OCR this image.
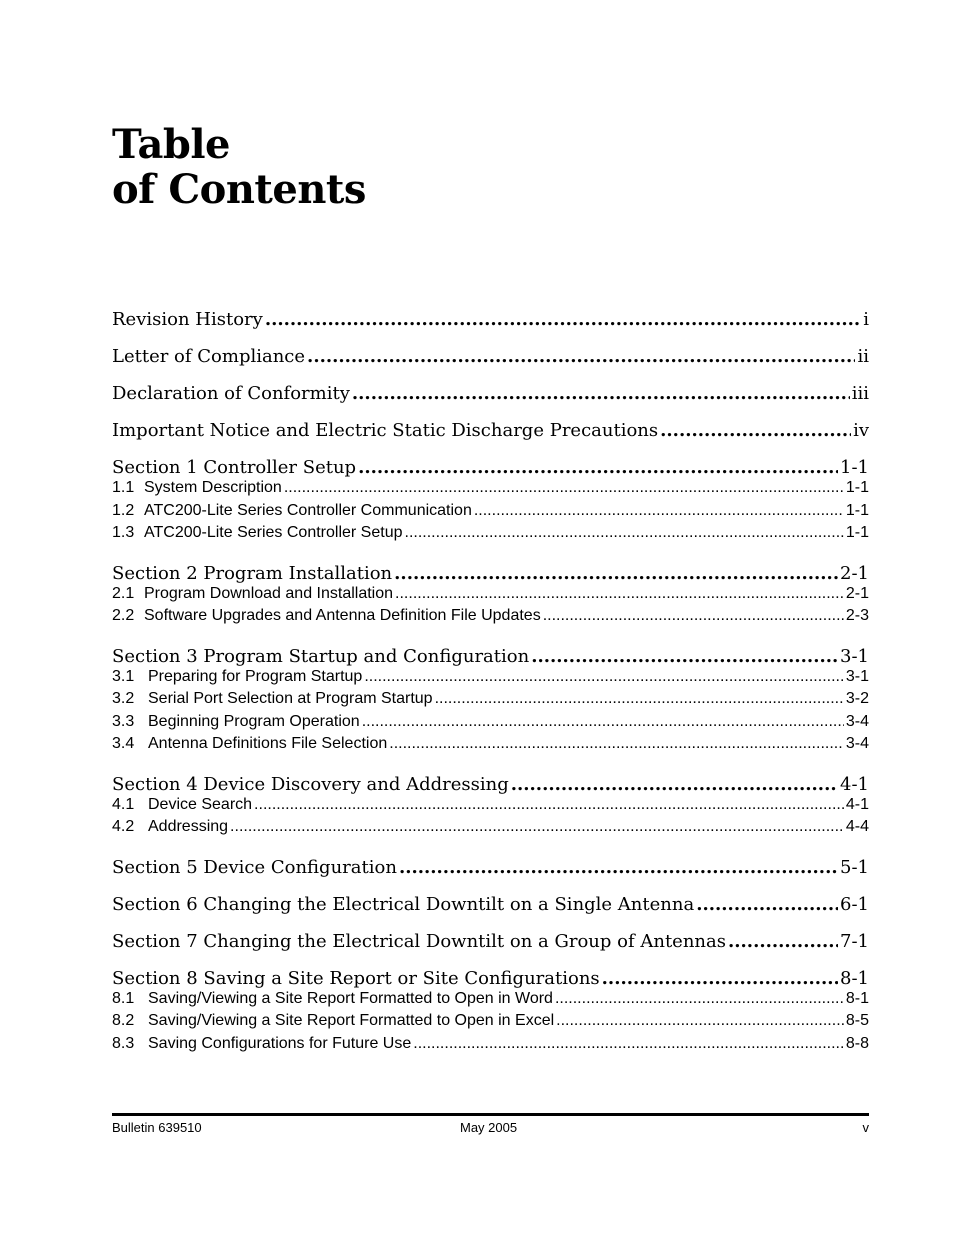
Table
of Contents
Revision History .....	i
Letter of Compliance .....	ii
Declaration of Conformity .....	iii
Important Notice and Electric Static Discharge Precautions .....	iv
Section 1 Controller Setup .....	1-1
1.1 System Description .....	1-1
1.2 ATC200-Lite Series Controller Communication .....	1-1
1.3 ATC200-Lite Series Controller Setup .....	1-1
Section 2 Program Installation .....	2-1
2.1 Program Download and Installation .....	2-1
2.2 Software Upgrades and Antenna Definition File Updates .....	2-3
Section 3 Program Startup and Configuration .....	3-1
3.1 Preparing for Program Startup .....	3-1
3.2 Serial Port Selection at Program Startup .....	3-2
3.3 Beginning Program Operation .....	3-4
3.4 Antenna Definitions File Selection .....	3-4
Section 4 Device Discovery and Addressing .....	4-1
4.1 Device Search .....	4-1
4.2 Addressing .....	4-4
Section 5 Device Configuration .....	5-1
Section 6 Changing the Electrical Downtilt on a Single Antenna .....	6-1
Section 7 Changing the Electrical Downtilt on a Group of Antennas .....	7-1
Section 8 Saving a Site Report or Site Configurations .....	8-1
8.1 Saving/Viewing a Site Report Formatted to Open in Word .....	8-1
8.2 Saving/Viewing a Site Report Formatted to Open in Excel .....	8-5
8.3 Saving Configurations for Future Use .....	8-8
Bulletin 639510	May 2005	v
